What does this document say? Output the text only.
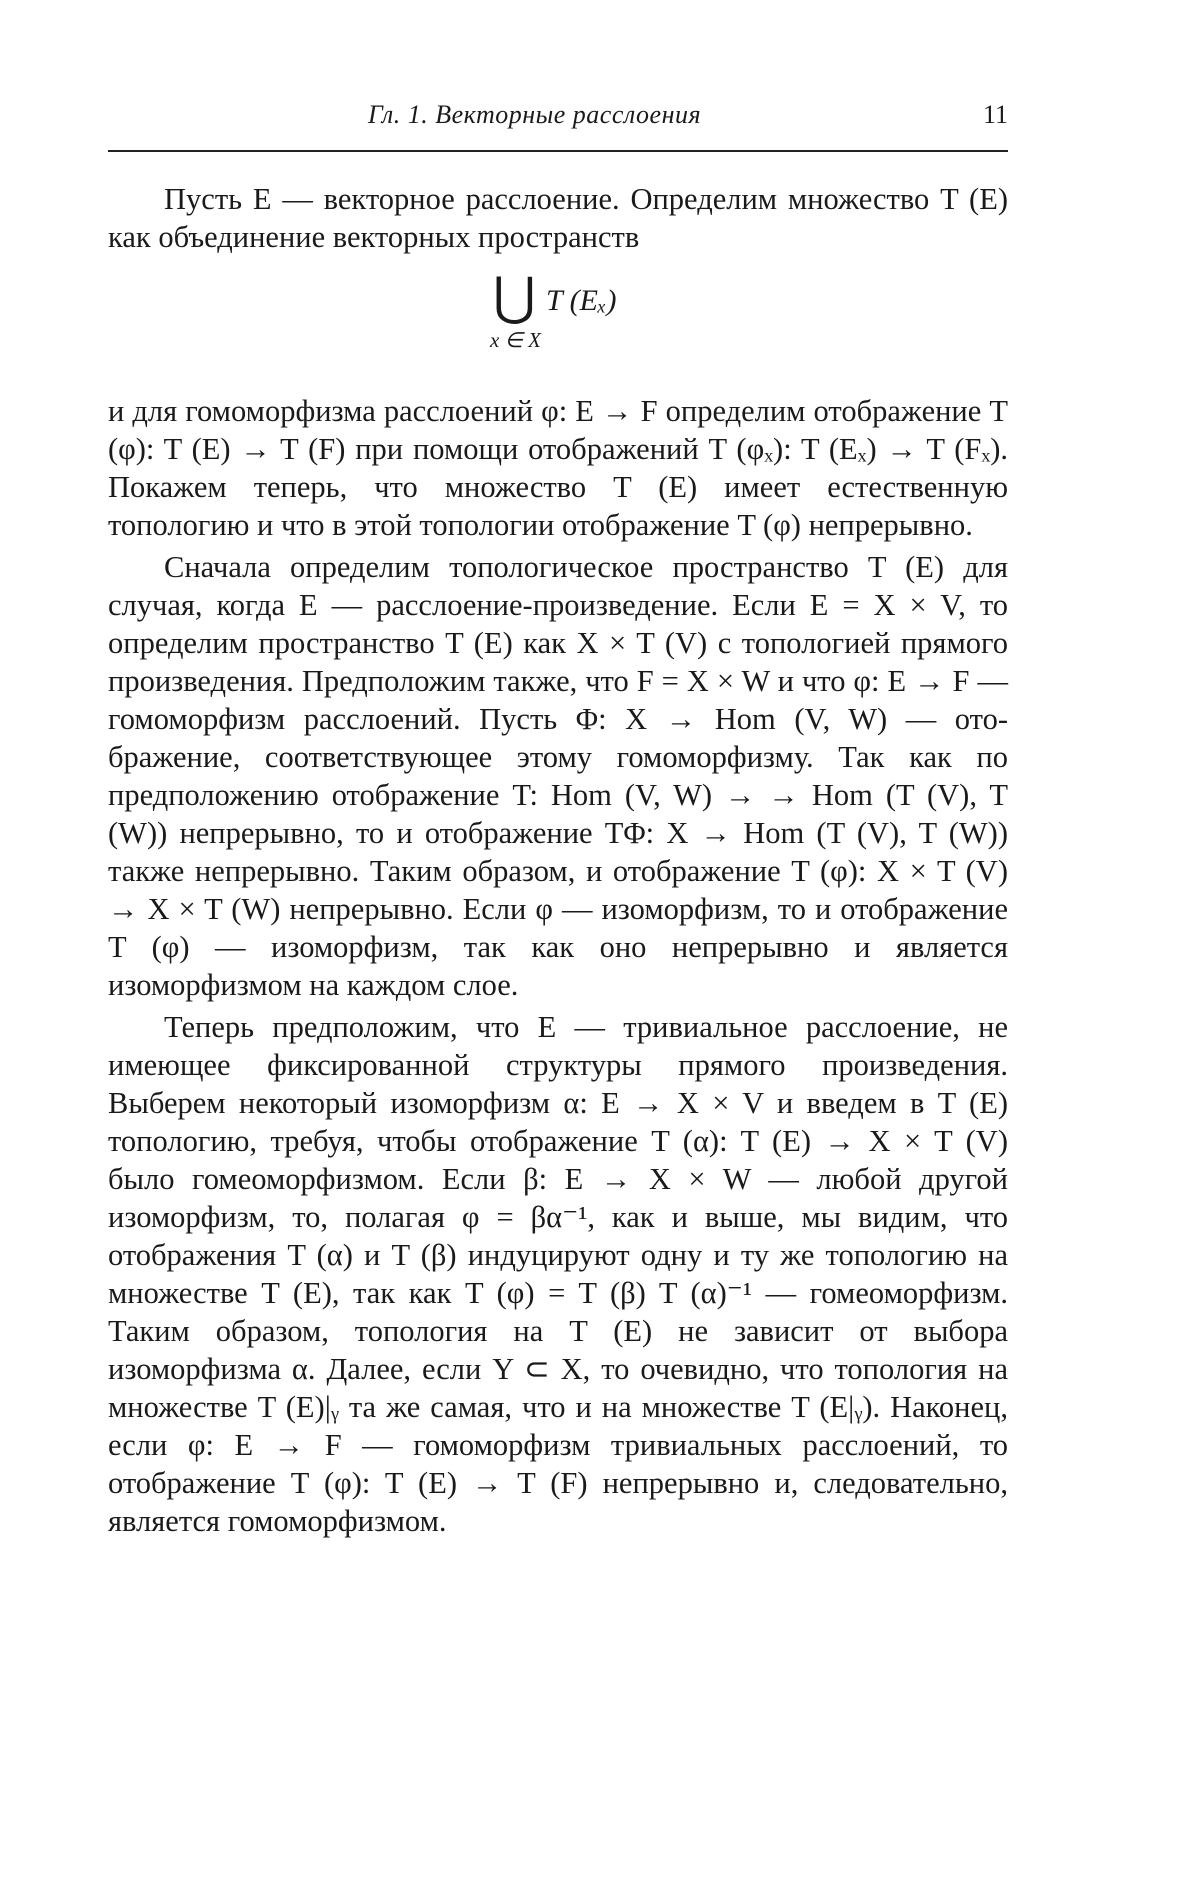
Гл. 1. Векторные расслоения	11

Пусть E — векторное расслоение. Определим множество T (E) как объединение векторных пространств

⋃ T (Eₓ)
x ∈ X

и для гомоморфизма расслоений φ: E → F определим отображение T (φ): T (E) → T (F) при помощи отображений T (φₓ): T (Eₓ) → T (Fₓ). Покажем теперь, что множество T (E) имеет естественную топологию и что в этой топологии отображение T (φ) непрерывно.

Сначала определим топологическое пространство T (E) для случая, когда E — расслоение-произведение. Если E = X × V, то определим пространство T (E) как X × T (V) с топологией прямого произведения. Предположим также, что F = X × W и что φ: E → F — гомоморфизм расслоений. Пусть Φ: X → Hom (V, W) — отображение, соответствующее этому гомоморфизму. Так как по предположению отображение T: Hom (V, W) → → Hom (T (V), T (W)) непрерывно, то и отображение TΦ: X → Hom (T (V), T (W)) также непрерывно. Таким образом, и отображение T (φ): X × T (V) → X × T (W) непрерывно. Если φ — изоморфизм, то и отображение T (φ) — изоморфизм, так как оно непрерывно и является изоморфизмом на каждом слое.

Теперь предположим, что E — тривиальное расслоение, не имеющее фиксированной структуры прямого произведения. Выберем некоторый изоморфизм α: E → X × V и введем в T (E) топологию, требуя, чтобы отображение T (α): T (E) → X × T (V) было гомеоморфизмом. Если β: E → X × W — любой другой изоморфизм, то, полагая φ = βα⁻¹, как и выше, мы видим, что отображения T (α) и T (β) индуцируют одну и ту же топологию на множестве T (E), так как T (φ) = T (β) T (α)⁻¹ — гомеоморфизм. Таким образом, топология на T (E) не зависит от выбора изоморфизма α. Далее, если Y ⊂ X, то очевидно, что топология на множестве T (E)|ᵧ та же самая, что и на множестве T (E|ᵧ). Наконец, если φ: E → F — гомоморфизм тривиальных расслоений, то отображение T (φ): T (E) → T (F) непрерывно и, следовательно, является гомоморфизмом.
